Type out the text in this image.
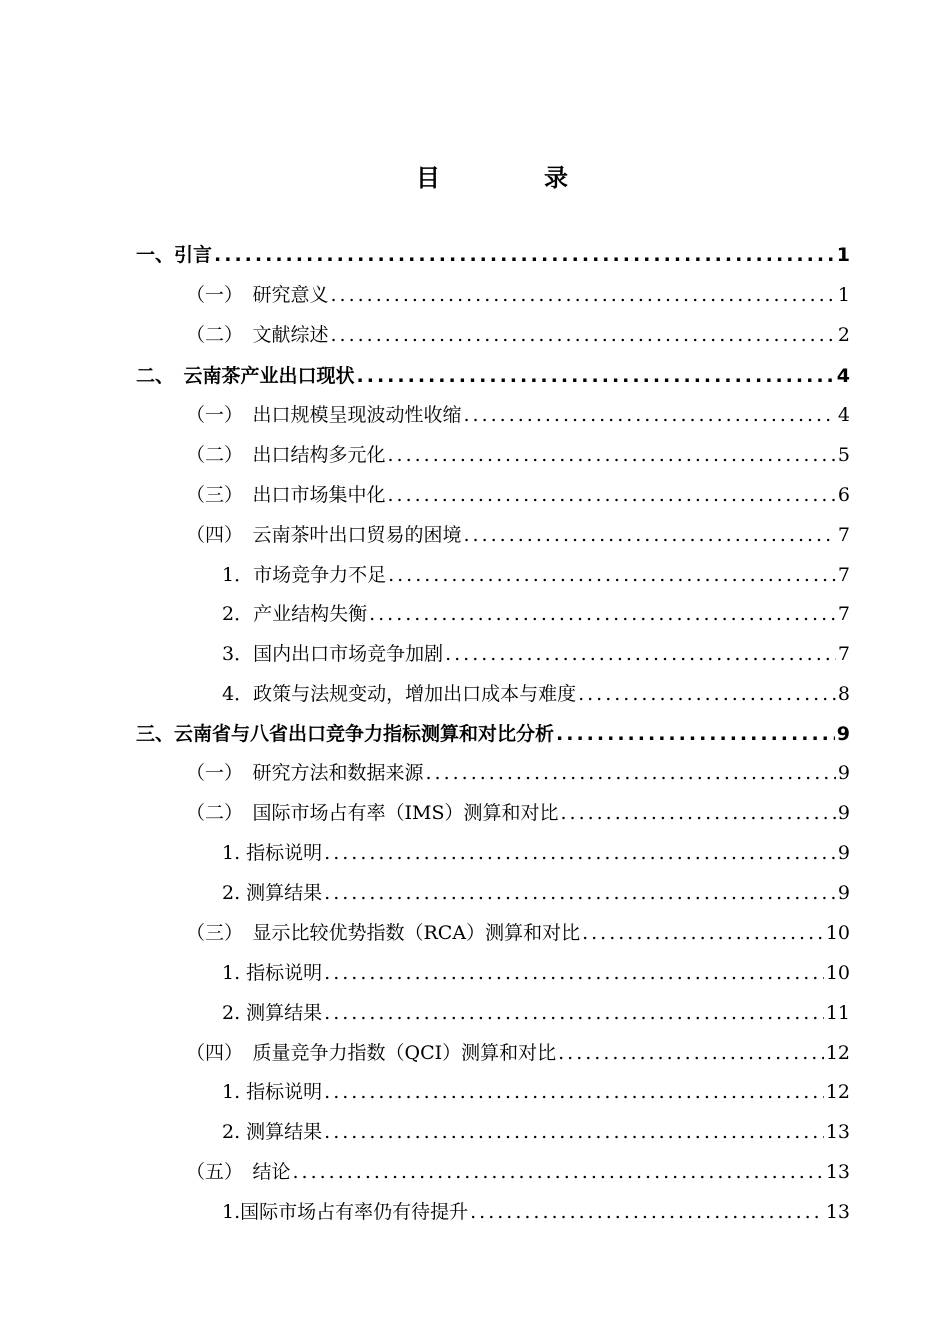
目	录
一、引言 .....	1
（一）　研究意义 .....	1
（二）　文献综述 .....	2
二、　云南茶产业出口现状 .....	4
（一）　出口规模呈现波动性收缩 .....	4
（二）　出口结构多元化 .....	5
（三）　出口市场集中化 .....	6
（四）　云南茶叶出口贸易的困境 .....	7
1．市场竞争力不足 .....	7
2．产业结构失衡 .....	7
3．国内出口市场竞争加剧 .....	7
4．政策与法规变动，增加出口成本与难度 .....	8
三、云南省与八省出口竞争力指标测算和对比分析 .....	9
（一）　研究方法和数据来源 .....	9
（二）　国际市场占有率（IMS）测算和对比 .....	9
1. 指标说明 .....	9
2. 测算结果 .....	9
（三）　显示比较优势指数（RCA）测算和对比 .....	10
1. 指标说明 .....	10
2. 测算结果 .....	11
（四）　质量竞争力指数（QCI）测算和对比 .....	12
1. 指标说明 .....	12
2. 测算结果 .....	13
（五）　结论 .....	13
1.国际市场占有率仍有待提升 .....	13
